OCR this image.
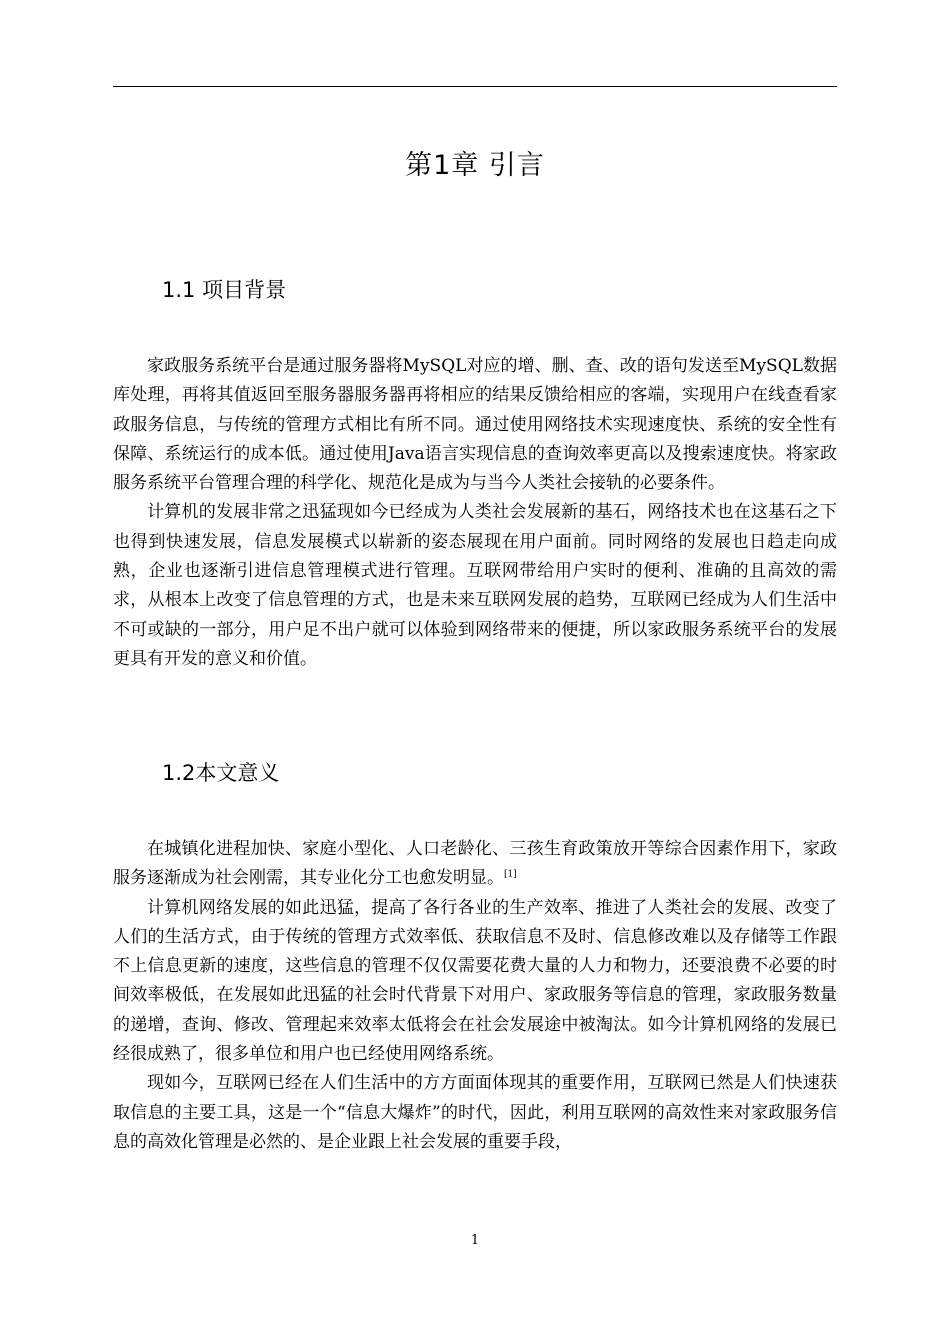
第1章 引言
1.1 项目背景

家政服务系统平台是通过服务器将MySQL对应的增、删、查、改的语句发送至MySQL数据库处理，再将其值返回至服务器服务器再将相应的结果反馈给相应的客端，实现用户在线查看家政服务信息，与传统的管理方式相比有所不同。通过使用网络技术实现速度快、系统的安全性有保障、系统运行的成本低。通过使用Java语言实现信息的查询效率更高以及搜索速度快。将家政服务系统平台管理合理的科学化、规范化是成为与当今人类社会接轨的必要条件。

计算机的发展非常之迅猛现如今已经成为人类社会发展新的基石，网络技术也在这基石之下也得到快速发展，信息发展模式以崭新的姿态展现在用户面前。同时网络的发展也日趋走向成熟，企业也逐渐引进信息管理模式进行管理。互联网带给用户实时的便利、准确的且高效的需求，从根本上改变了信息管理的方式，也是未来互联网发展的趋势，互联网已经成为人们生活中不可或缺的一部分，用户足不出户就可以体验到网络带来的便捷，所以家政服务系统平台的发展更具有开发的意义和价值。

1.2本文意义

在城镇化进程加快、家庭小型化、人口老龄化、三孩生育政策放开等综合因素作用下，家政服务逐渐成为社会刚需，其专业化分工也愈发明显。[1]

计算机网络发展的如此迅猛，提高了各行各业的生产效率、推进了人类社会的发展、改变了人们的生活方式，由于传统的管理方式效率低、获取信息不及时、信息修改难以及存储等工作跟不上信息更新的速度，这些信息的管理不仅仅需要花费大量的人力和物力，还要浪费不必要的时间效率极低，在发展如此迅猛的社会时代背景下对用户、家政服务等信息的管理，家政服务数量的递增，查询、修改、管理起来效率太低将会在社会发展途中被淘汰。如今计算机网络的发展已经很成熟了，很多单位和用户也已经使用网络系统。

现如今，互联网已经在人们生活中的方方面面体现其的重要作用，互联网已然是人们快速获取信息的主要工具，这是一个“信息大爆炸”的时代，因此，利用互联网的高效性来对家政服务信息的高效化管理是必然的、是企业跟上社会发展的重要手段，

1
